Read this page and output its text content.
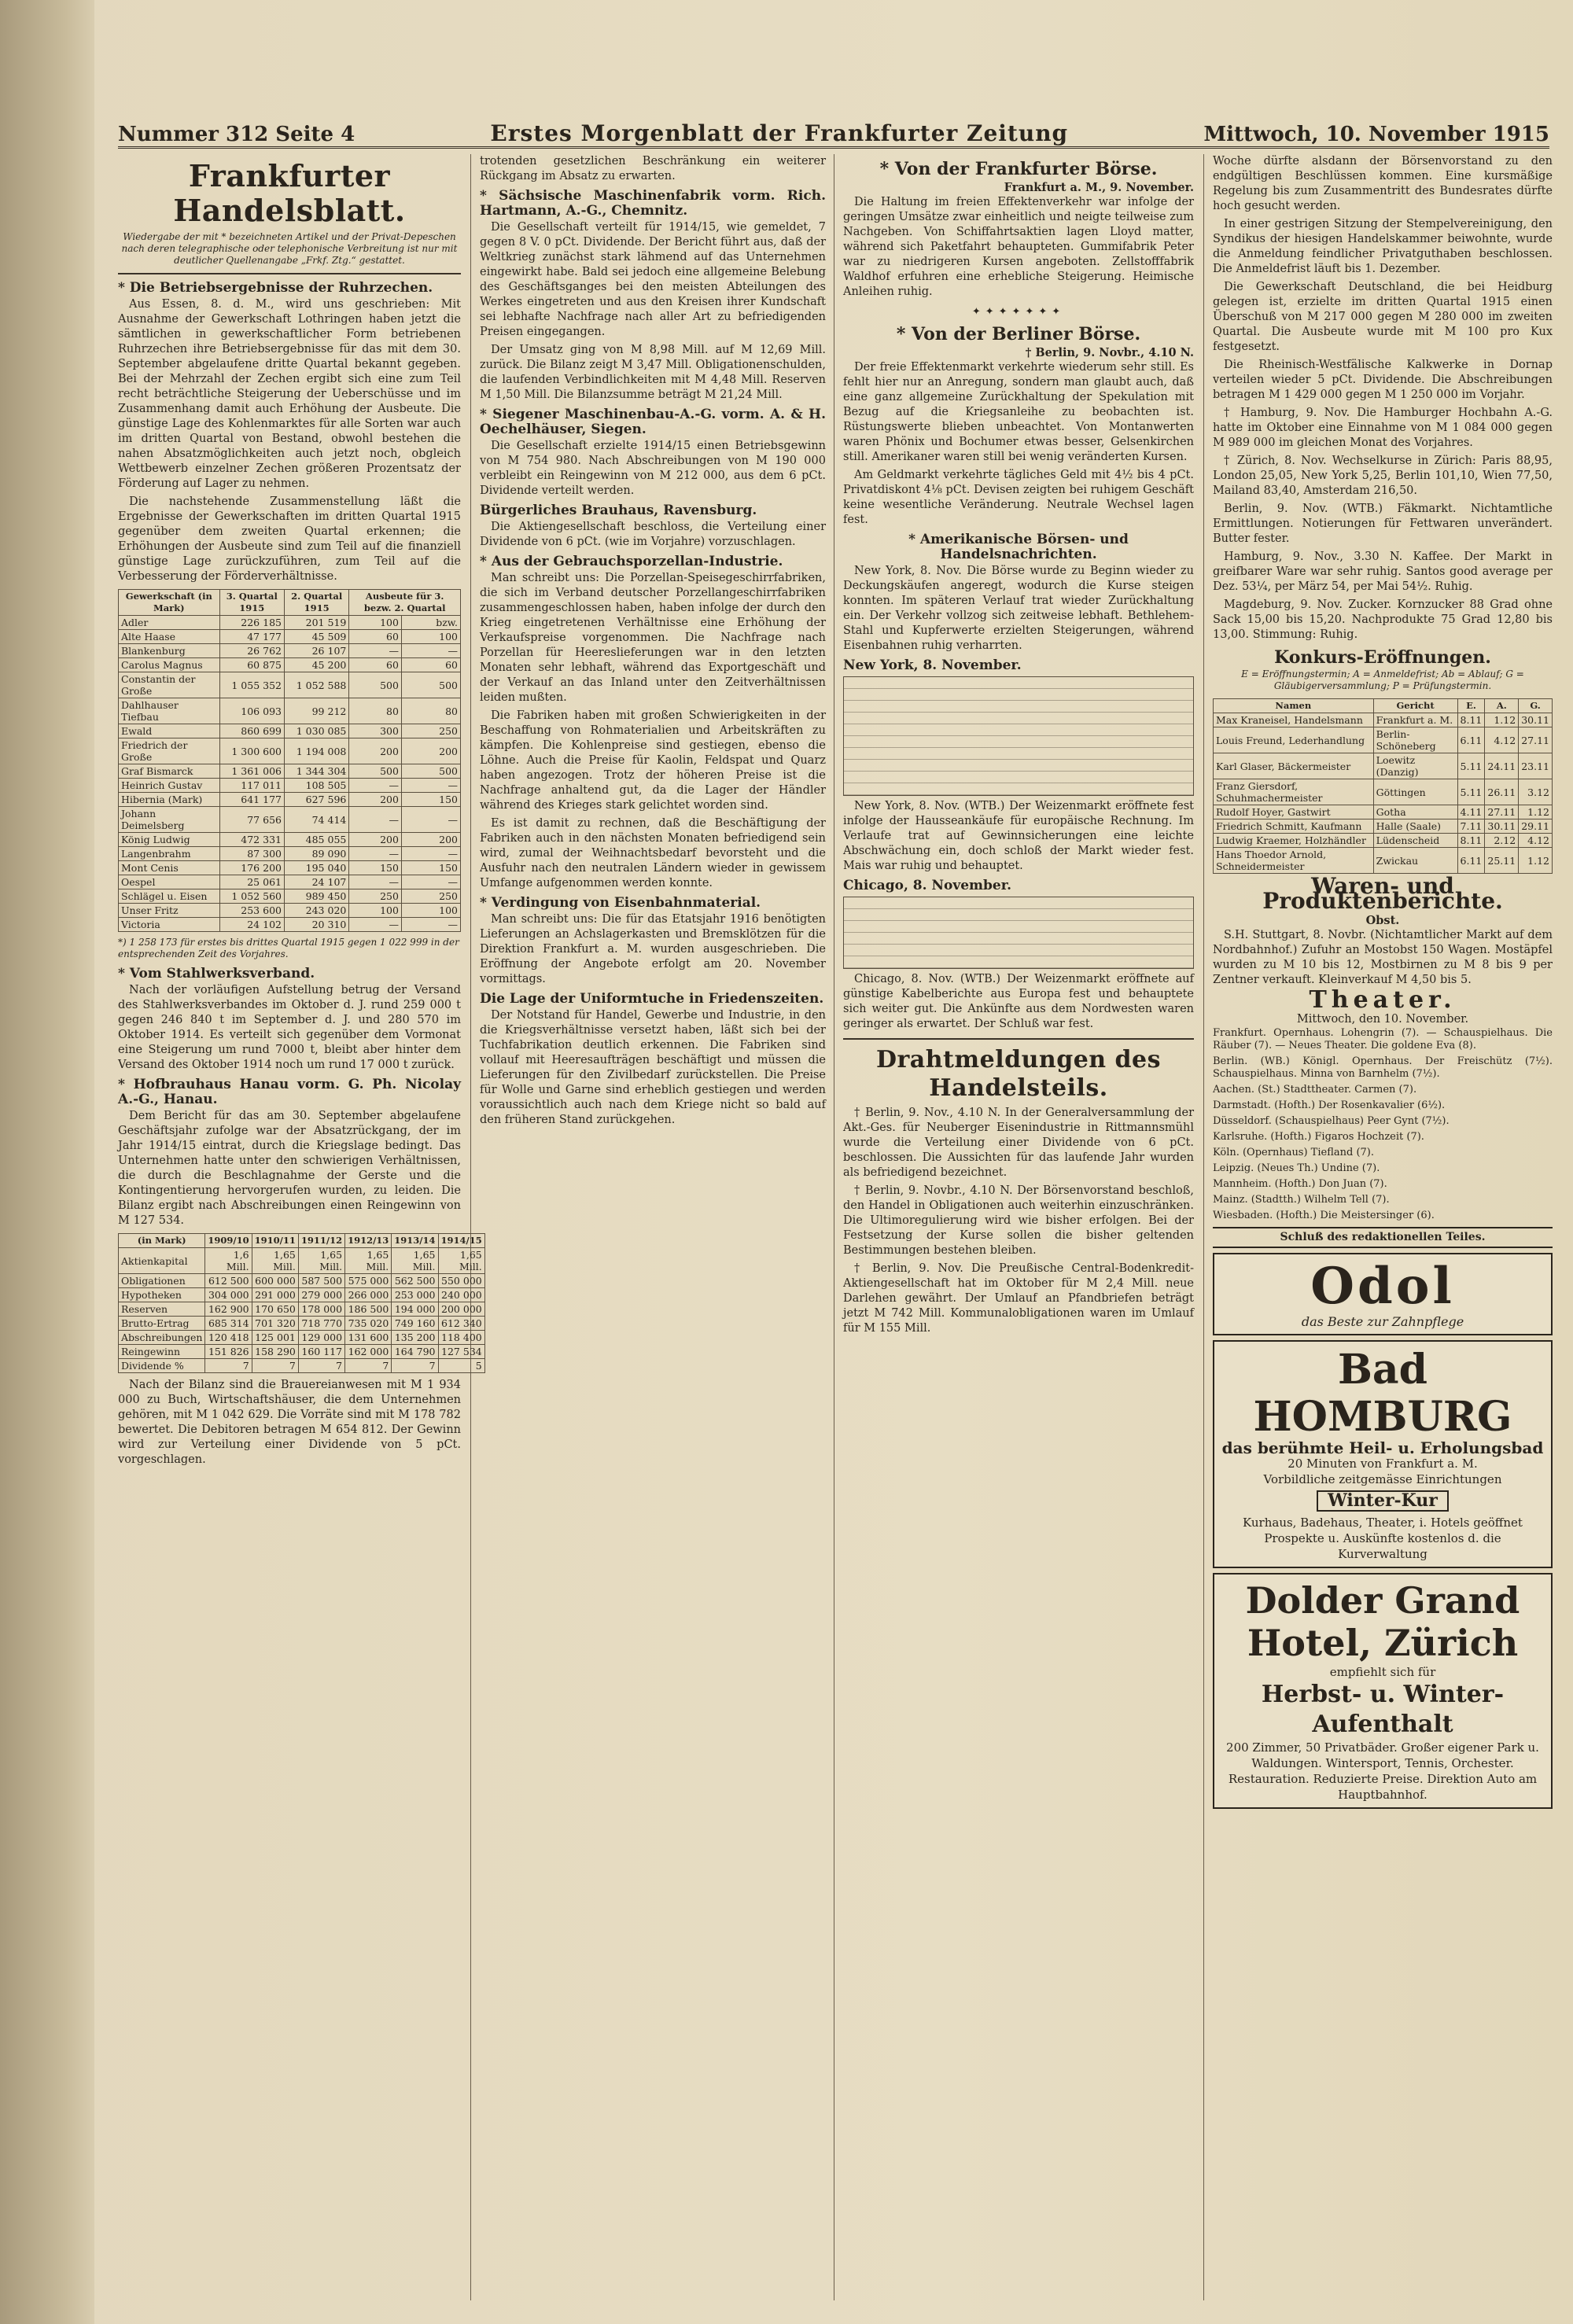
Nummer 312 Seite 4	Erstes Morgenblatt der Frankfurter Zeitung	Mittwoch, 10. November 1915
Frankfurter Handelsblatt.
Wiedergabe der mit * bezeichneten Artikel und der Privat-Depeschen nach deren telegraphische oder telephonische Verbreitung ist nur mit deutlicher Quellenangabe „Frkf. Ztg.“ gestattet.
* Die Betriebsergebnisse der Ruhrzechen.

Aus Essen, 8. d. M., wird uns geschrieben: Mit Ausnahme der Gewerkschaft Lothringen haben jetzt die sämtlichen in gewerkschaftlicher Form betriebenen Ruhrzechen ihre Betriebsergebnisse für das mit dem 30. September abgelaufene dritte Quartal bekannt gegeben. Bei der Mehrzahl der Zechen ergibt sich eine zum Teil recht beträchtliche Steigerung der Ueberschüsse und im Zusammenhang damit auch Erhöhung der Ausbeute. Die günstige Lage des Kohlenmarktes für alle Sorten war auch im dritten Quartal von Bestand, obwohl bestehen die nahen Absatzmöglichkeiten auch jetzt noch, obgleich Wettbewerb einzelner Zechen größeren Prozentsatz der Förderung auf Lager zu nehmen.

Die nachstehende Zusammenstellung läßt die Ergebnisse der Gewerkschaften im dritten Quartal 1915 gegenüber dem zweiten Quartal erkennen; die Erhöhungen der Ausbeute sind zum Teil auf die finanziell günstige Lage zurückzuführen, zum Teil auf die Verbesserung der Förderverhältnisse.

Gewerkschaft (in Mark)	3. Quartal 1915	2. Quartal 1915	Ausbeute für 3. bezw. 2. Quartal	
Adler	226 185	201 519	100	bzw.
Alte Haase	47 177	45 509	60	100
Blankenburg	26 762	26 107	—	—
Carolus Magnus	60 875	45 200	60	60
Constantin der Große	1 055 352	1 052 588	500	500
Dahlhauser Tiefbau	106 093	99 212	80	80
Ewald	860 699	1 030 085	300	250
Friedrich der Große	1 300 600	1 194 008	200	200
Graf Bismarck	1 361 006	1 344 304	500	500
Heinrich Gustav	117 011	108 505	—	—
Hibernia (Mark)	641 177	627 596	200	150
Johann Deimelsberg	77 656	74 414	—	—
König Ludwig	472 331	485 055	200	200
Langenbrahm	87 300	89 090	—	—
Mont Cenis	176 200	195 040	150	150
Oespel	25 061	24 107	—	—
Schlägel u. Eisen	1 052 560	989 450	250	250
Unser Fritz	253 600	243 020	100	100
Victoria	24 102	20 310	—	—
*) 1 258 173 für erstes bis drittes Quartal 1915 gegen 1 022 999 in der entsprechenden Zeit des Vorjahres.
* Vom Stahlwerksverband.

Nach der vorläufigen Aufstellung betrug der Versand des Stahlwerksverbandes im Oktober d. J. rund 259 000 t gegen 246 840 t im September d. J. und 280 570 im Oktober 1914. Es verteilt sich gegenüber dem Vormonat eine Steigerung um rund 7000 t, bleibt aber hinter dem Versand des Oktober 1914 noch um rund 17 000 t zurück.

* Hofbrauhaus Hanau vorm. G. Ph. Nicolay A.-G., Hanau.

Dem Bericht für das am 30. September abgelaufene Geschäftsjahr zufolge war der Absatzrückgang, der im Jahr 1914/15 eintrat, durch die Kriegslage bedingt. Das Unternehmen hatte unter den schwierigen Verhältnissen, die durch die Beschlagnahme der Gerste und die Kontingentierung hervorgerufen wurden, zu leiden. Die Bilanz ergibt nach Abschreibungen einen Reingewinn von M 127 534.

(in Mark)	1909/10	1910/11	1911/12	1912/13	1913/14	1914/15
Aktienkapital	1,6 Mill.	1,65 Mill.	1,65 Mill.	1,65 Mill.	1,65 Mill.	1,65 Mill.
Obligationen	612 500	600 000	587 500	575 000	562 500	550 000
Hypotheken	304 000	291 000	279 000	266 000	253 000	240 000
Reserven	162 900	170 650	178 000	186 500	194 000	200 000
Brutto-Ertrag	685 314	701 320	718 770	735 020	749 160	612 340
Abschreibungen	120 418	125 001	129 000	131 600	135 200	118 400
Reingewinn	151 826	158 290	160 117	162 000	164 790	127 534
Dividende %	7	7	7	7	7	5

Nach der Bilanz sind die Brauereianwesen mit M 1 934 000 zu Buch, Wirtschaftshäuser, die dem Unternehmen gehören, mit M 1 042 629. Die Vorräte sind mit M 178 782 bewertet. Die Debitoren betragen M 654 812. Der Gewinn wird zur Verteilung einer Dividende von 5 pCt. vorgeschlagen.

trotenden gesetzlichen Beschränkung ein weiterer Rückgang im Absatz zu erwarten.

* Sächsische Maschinenfabrik vorm. Rich. Hartmann, A.-G., Chemnitz.

Die Gesellschaft verteilt für 1914/15, wie gemeldet, 7 gegen 8 V. 0 pCt. Dividende. Der Bericht führt aus, daß der Weltkrieg zunächst stark lähmend auf das Unternehmen eingewirkt habe. Bald sei jedoch eine allgemeine Belebung des Geschäftsganges bei den meisten Abteilungen des Werkes eingetreten und aus den Kreisen ihrer Kundschaft sei lebhafte Nachfrage nach aller Art zu befriedigenden Preisen eingegangen.

Der Umsatz ging von M 8,98 Mill. auf M 12,69 Mill. zurück. Die Bilanz zeigt M 3,47 Mill. Obligationenschulden, die laufenden Verbindlichkeiten mit M 4,48 Mill. Reserven M 1,50 Mill. Die Bilanzsumme beträgt M 21,24 Mill.

* Siegener Maschinenbau-A.-G. vorm. A. & H. Oechelhäuser, Siegen.

Die Gesellschaft erzielte 1914/15 einen Betriebsgewinn von M 754 980. Nach Abschreibungen von M 190 000 verbleibt ein Reingewinn von M 212 000, aus dem 6 pCt. Dividende verteilt werden.

Bürgerliches Brauhaus, Ravensburg.

Die Aktiengesellschaft beschloss, die Verteilung einer Dividende von 6 pCt. (wie im Vorjahre) vorzuschlagen.

* Aus der Gebrauchsporzellan-Industrie.

Man schreibt uns: Die Porzellan-Speisegeschirrfabriken, die sich im Verband deutscher Porzellangeschirrfabriken zusammengeschlossen haben, haben infolge der durch den Krieg eingetretenen Verhältnisse eine Erhöhung der Verkaufspreise vorgenommen. Die Nachfrage nach Porzellan für Heereslieferungen war in den letzten Monaten sehr lebhaft, während das Exportgeschäft und der Verkauf an das Inland unter den Zeitverhältnissen leiden mußten.

Die Fabriken haben mit großen Schwierigkeiten in der Beschaffung von Rohmaterialien und Arbeitskräften zu kämpfen. Die Kohlenpreise sind gestiegen, ebenso die Löhne. Auch die Preise für Kaolin, Feldspat und Quarz haben angezogen. Trotz der höheren Preise ist die Nachfrage anhaltend gut, da die Lager der Händler während des Krieges stark gelichtet worden sind.

Es ist damit zu rechnen, daß die Beschäftigung der Fabriken auch in den nächsten Monaten befriedigend sein wird, zumal der Weihnachtsbedarf bevorsteht und die Ausfuhr nach den neutralen Ländern wieder in gewissem Umfange aufgenommen werden konnte.

* Verdingung von Eisenbahnmaterial.

Man schreibt uns: Die für das Etatsjahr 1916 benötigten Lieferungen an Achslagerkasten und Bremsklötzen für die Direktion Frankfurt a. M. wurden ausgeschrieben. Die Eröffnung der Angebote erfolgt am 20. November vormittags.

Die Lage der Uniformtuche in Friedenszeiten.

Der Notstand für Handel, Gewerbe und Industrie, in den die Kriegsverhältnisse versetzt haben, läßt sich bei der Tuchfabrikation deutlich erkennen. Die Fabriken sind vollauf mit Heeresaufträgen beschäftigt und müssen die Lieferungen für den Zivilbedarf zurückstellen. Die Preise für Wolle und Garne sind erheblich gestiegen und werden voraussichtlich auch nach dem Kriege nicht so bald auf den früheren Stand zurückgehen.

* Von der Frankfurter Börse.
Frankfurt a. M., 9. November.

Die Haltung im freien Effektenverkehr war infolge der geringen Umsätze zwar einheitlich und neigte teilweise zum Nachgeben. Von Schiffahrtsaktien lagen Lloyd matter, während sich Paketfahrt behaupteten. Gummifabrik Peter war zu niedrigeren Kursen angeboten. Zellstofffabrik Waldhof erfuhren eine erhebliche Steigerung. Heimische Anleihen ruhig.

✦✦✦✦✦✦✦
* Von der Berliner Börse.
† Berlin, 9. Novbr., 4.10 N.

Der freie Effektenmarkt verkehrte wiederum sehr still. Es fehlt hier nur an Anregung, sondern man glaubt auch, daß eine ganz allgemeine Zurückhaltung der Spekulation mit Bezug auf die Kriegsanleihe zu beobachten ist. Rüstungswerte blieben unbeachtet. Von Montanwerten waren Phönix und Bochumer etwas besser, Gelsenkirchen still. Amerikaner waren still bei wenig veränderten Kursen.

Am Geldmarkt verkehrte tägliches Geld mit 4½ bis 4 pCt. Privatdiskont 4⅛ pCt. Devisen zeigten bei ruhigem Geschäft keine wesentliche Veränderung. Neutrale Wechsel lagen fest.

* Amerikanische Börsen- und Handelsnachrichten.

New York, 8. Nov. Die Börse wurde zu Beginn wieder zu Deckungskäufen angeregt, wodurch die Kurse steigen konnten. Im späteren Verlauf trat wieder Zurückhaltung ein. Der Verkehr vollzog sich zeitweise lebhaft. Bethlehem-Stahl und Kupferwerte erzielten Steigerungen, während Eisenbahnen ruhig verharrten.

New York, 8. November.

New York, 8. Nov. (WTB.) Der Weizenmarkt eröffnete fest infolge der Hausseankäufe für europäische Rechnung. Im Verlaufe trat auf Gewinnsicherungen eine leichte Abschwächung ein, doch schloß der Markt wieder fest. Mais war ruhig und behauptet.

Chicago, 8. November.

Chicago, 8. Nov. (WTB.) Der Weizenmarkt eröffnete auf günstige Kabelberichte aus Europa fest und behauptete sich weiter gut. Die Ankünfte aus dem Nordwesten waren geringer als erwartet. Der Schluß war fest.

Drahtmeldungen des Handelsteils.

† Berlin, 9. Nov., 4.10 N. In der Generalversammlung der Akt.-Ges. für Neuberger Eisenindustrie in Rittmannsmühl wurde die Verteilung einer Dividende von 6 pCt. beschlossen. Die Aussichten für das laufende Jahr wurden als befriedigend bezeichnet.

† Berlin, 9. Novbr., 4.10 N. Der Börsenvorstand beschloß, den Handel in Obligationen auch weiterhin einzuschränken. Die Ultimoregulierung wird wie bisher erfolgen. Bei der Festsetzung der Kurse sollen die bisher geltenden Bestimmungen bestehen bleiben.

† Berlin, 9. Nov. Die Preußische Central-Bodenkredit-Aktiengesellschaft hat im Oktober für M 2,4 Mill. neue Darlehen gewährt. Der Umlauf an Pfandbriefen beträgt jetzt M 742 Mill. Kommunalobligationen waren im Umlauf für M 155 Mill.

Woche dürfte alsdann der Börsenvorstand zu den endgültigen Beschlüssen kommen. Eine kursmäßige Regelung bis zum Zusammentritt des Bundesrates dürfte hoch gesucht werden.

In einer gestrigen Sitzung der Stempelvereinigung, den Syndikus der hiesigen Handelskammer beiwohnte, wurde die Anmeldung feindlicher Privatguthaben beschlossen. Die Anmeldefrist läuft bis 1. Dezember.

Die Gewerkschaft Deutschland, die bei Heidburg gelegen ist, erzielte im dritten Quartal 1915 einen Überschuß von M 217 000 gegen M 280 000 im zweiten Quartal. Die Ausbeute wurde mit M 100 pro Kux festgesetzt.

Die Rheinisch-Westfälische Kalkwerke in Dornap verteilen wieder 5 pCt. Dividende. Die Abschreibungen betragen M 1 429 000 gegen M 1 250 000 im Vorjahr.

† Hamburg, 9. Nov. Die Hamburger Hochbahn A.-G. hatte im Oktober eine Einnahme von M 1 084 000 gegen M 989 000 im gleichen Monat des Vorjahres.

† Zürich, 8. Nov. Wechselkurse in Zürich: Paris 88,95, London 25,05, New York 5,25, Berlin 101,10, Wien 77,50, Mailand 83,40, Amsterdam 216,50.

Berlin, 9. Nov. (WTB.) Fäkmarkt. Nichtamtliche Ermittlungen. Notierungen für Fettwaren unverändert. Butter fester.

Hamburg, 9. Nov., 3.30 N. Kaffee. Der Markt in greifbarer Ware war sehr ruhig. Santos good average per Dez. 53¼, per März 54, per Mai 54½. Ruhig.

Magdeburg, 9. Nov. Zucker. Kornzucker 88 Grad ohne Sack 15,00 bis 15,20. Nachprodukte 75 Grad 12,80 bis 13,00. Stimmung: Ruhig.

Konkurs-Eröffnungen.
E = Eröffnungstermin; A = Anmeldefrist; Ab = Ablauf; G = Gläubigerversammlung; P = Prüfungstermin.
Namen	Gericht	E.	A.	G.
Max Kraneisel, Handelsmann	Frankfurt a. M.	8.11	1.12	30.11
Louis Freund, Lederhandlung	Berlin-Schöneberg	6.11	4.12	27.11
Karl Glaser, Bäckermeister	Loewitz (Danzig)	5.11	24.11	23.11
Franz Giersdorf, Schuhmachermeister	Göttingen	5.11	26.11	3.12
Rudolf Hoyer, Gastwirt	Gotha	4.11	27.11	1.12
Friedrich Schmitt, Kaufmann	Halle (Saale)	7.11	30.11	29.11
Ludwig Kraemer, Holzhändler	Lüdenscheid	8.11	2.12	4.12
Hans Thoedor Arnold, Schneidermeister	Zwickau	6.11	25.11	1.12
Waren- und Produktenberichte.
Obst.

S.H. Stuttgart, 8. Novbr. (Nichtamtlicher Markt auf dem Nordbahnhof.) Zufuhr an Mostobst 150 Wagen. Mostäpfel wurden zu M 10 bis 12, Mostbirnen zu M 8 bis 9 per Zentner verkauft. Kleinverkauf M 4,50 bis 5.

Theater.
Mittwoch, den 10. November.

Frankfurt. Opernhaus. Lohengrin (7). — Schauspielhaus. Die Räuber (7). — Neues Theater. Die goldene Eva (8).

Berlin. (WB.) Königl. Opernhaus. Der Freischütz (7½). Schauspielhaus. Minna von Barnhelm (7½).

Aachen. (St.) Stadttheater. Carmen (7).

Darmstadt. (Hofth.) Der Rosenkavalier (6½).

Düsseldorf. (Schauspielhaus) Peer Gynt (7½).

Karlsruhe. (Hofth.) Figaros Hochzeit (7).

Köln. (Opernhaus) Tiefland (7).

Leipzig. (Neues Th.) Undine (7).

Mannheim. (Hofth.) Don Juan (7).

Mainz. (Stadtth.) Wilhelm Tell (7).

Wiesbaden. (Hofth.) Die Meistersinger (6).

Schluß des redaktionellen Teiles.
Odol
das Beste zur Zahnpflege
Bad HOMBURG
das berühmte Heil- u. Erholungsbad
20 Minuten von Frankfurt a. M.
Vorbildliche zeitgemässe Einrichtungen
Winter-Kur
Kurhaus, Badehaus, Theater, i. Hotels geöffnet
Prospekte u. Auskünfte kostenlos d. die Kurverwaltung
Dolder Grand Hotel, Zürich
empfiehlt sich für
Herbst- u. Winter-Aufenthalt
200 Zimmer, 50 Privatbäder. Großer eigener Park u. Waldungen. Wintersport, Tennis, Orchester. Restauration. Reduzierte Preise. Direktion Auto am Hauptbahnhof.
